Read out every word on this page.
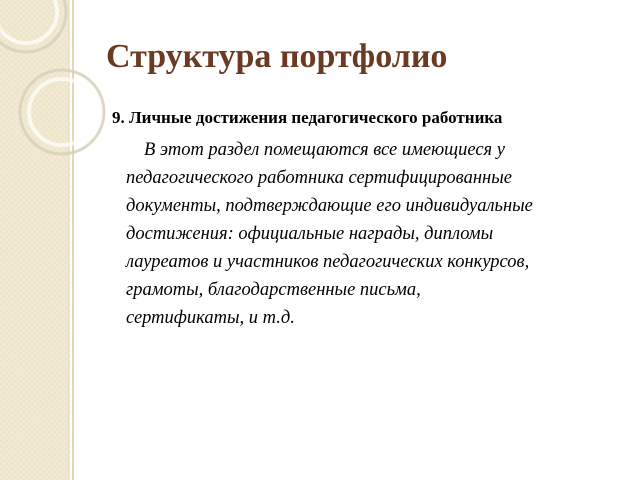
Структура портфолио
9. Личные достижения педагогического работника

В этот раздел помещаются все имеющиеся у
педагогического работника сертифицированные
документы, подтверждающие его индивидуальные
достижения: официальные награды, дипломы
лауреатов и участников педагогических конкурсов,
грамоты, благодарственные письма,
сертификаты, и т.д.
